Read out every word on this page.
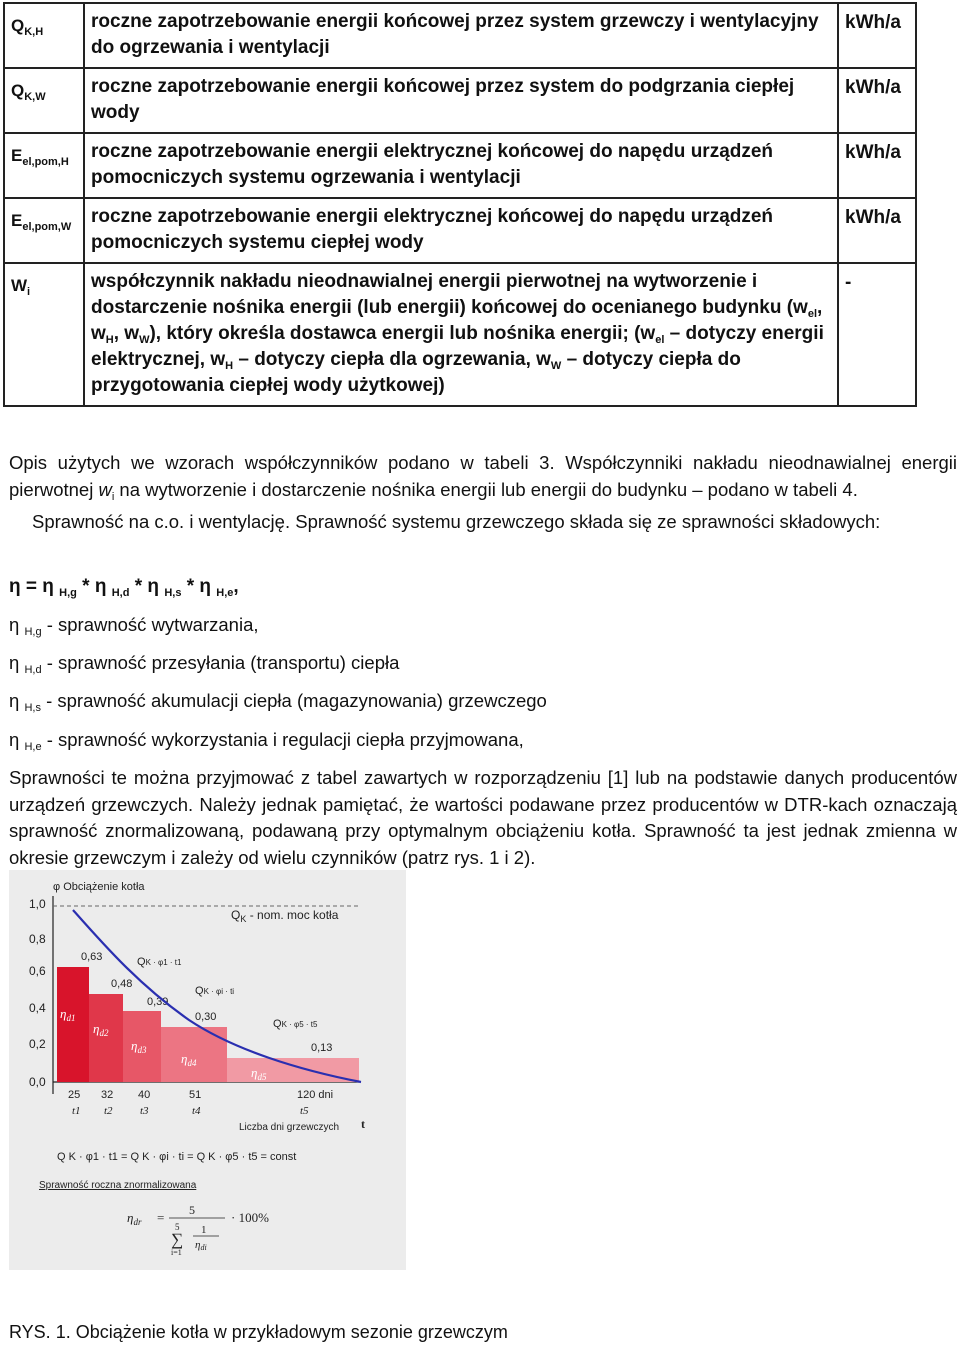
$Q_{K,H}$	roczne zapotrzebowanie energii końcowej przez system grzewczy i wentylacyjny do ogrzewania i wentylacji	kWh/a
$Q_{K,W}$	roczne zapotrzebowanie energii końcowej przez system do podgrzania ciepłej wody	kWh/a
$E_{el,pom,H}$	roczne zapotrzebowanie energii elektrycznej końcowej do napędu urządzeń pomocniczych systemu ogrzewania i wentylacji	kWh/a
$E_{el,pom,W}$	roczne zapotrzebowanie energii elektrycznej końcowej do napędu urządzeń pomocniczych systemu ciepłej wody	kWh/a
$W_i$	współczynnik nakładu nieodnawialnej energii pierwotnej na wytworzenie i dostarczenie nośnika energii (lub energii) końcowej do ocenianego budynku ($w_{el}$, $w_H$, $w_W$), który określa dostawca energii lub nośnika energii; ($w_{el}$ – dotyczy energii elektrycznej, $w_H$ – dotyczy ciepła dla ogrzewania, $w_W$ – dotyczy ciepła do przygotowania ciepłej wody użytkowej)	-
Opis użytych we wzorach współczynników podano w tabeli 3. Współczynniki nakładu nieodnawialnej energii pierwotnej $w_i$ na wytworzenie i dostarczenie nośnika energii lub energii do budynku – podano w tabeli 4.
Sprawność na c.o. i wentylację. Sprawność systemu grzewczego składa się ze sprawności składowych:
η = η $_{H,g}$ * η $_{H,d}$ * η $_{H,s}$ * η $_{H,e}$,
η $_{H,g}$ - sprawność wytwarzania,
η $_{H,d}$ - sprawność przesyłania (transportu) ciepła
η $_{H,s}$ - sprawność akumulacji ciepła (magazynowania) grzewczego
η $_{H,e}$ - sprawność wykorzystania i regulacji ciepła przyjmowana,
Sprawności te można przyjmować z tabel zawartych w rozporządzeniu [1] lub na podstawie danych producentów urządzeń grzewczych. Należy jednak pamiętać, że wartości podawane przez producentów w DTR-kach oznaczają sprawność znormalizowaną, podawaną przy optymalnym obciążeniu kotła. Sprawność ta jest jednak zmienna w okresie grzewczym i zależy od wielu czynników (patrz rys. 1 i 2).
φ Obciążenie kotła
1,0
0,8
0,6
0,4
0,2
0,0
$Q_K$ - nom. moc kotła
0,63
0,48
0,39
0,30
0,13
$\eta_{d1}$
$\eta_{d2}$
$\eta_{d3}$
$\eta_{d4}$
$\eta_{d5}$
QK · φ1 · t1
QK · φi · ti
QK · φ5 · t5
25 32 40	51	120 dni
t1 t2 t3	t4	t5
Liczba dni grzewczych t
Q K · φ1 · t1 = Q K · φi · ti = Q K · φ5 · t5 = const
Sprawność roczna znormalizowana
$\eta_{dr} = 5$
5
∑
i=1
1
ηdi
· 100%
RYS. 1. Obciążenie kotła w przykładowym sezonie grzewczym
